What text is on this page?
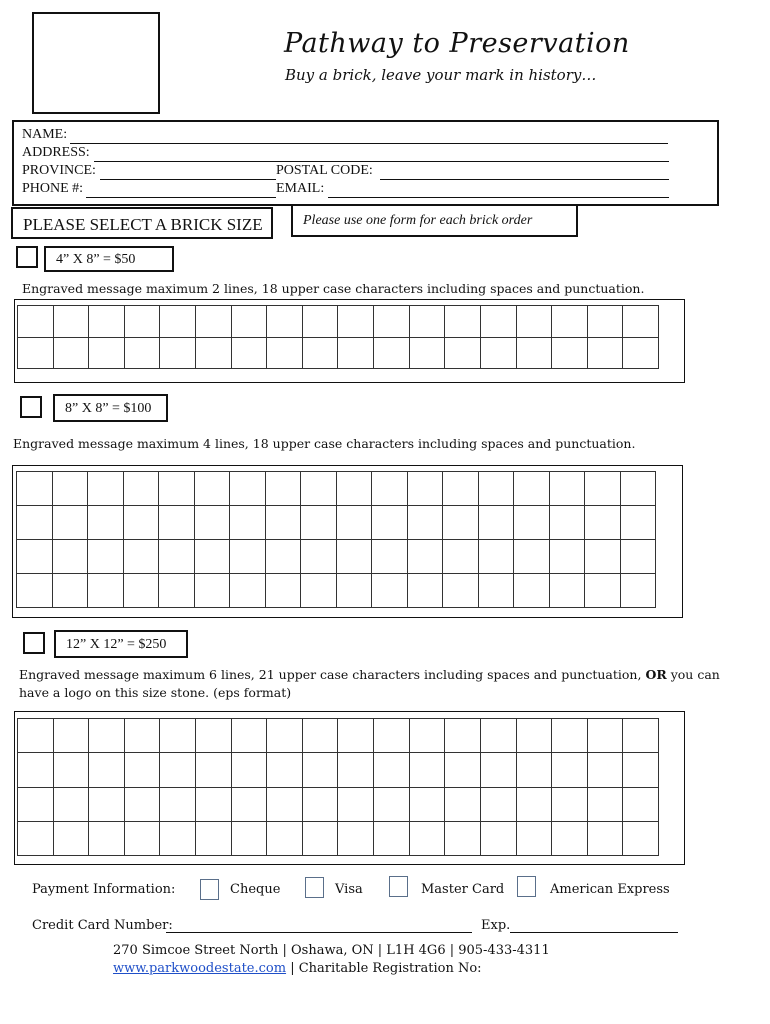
Pathway to Preservation
Buy a brick, leave your mark in history…
NAME:
ADDRESS:
PROVINCE:	POSTAL CODE:
PHONE #:	EMAIL:
PLEASE SELECT A BRICK SIZE	Please use one form for each brick order
4” X 8” = $50
Engraved message maximum 2 lines, 18 upper case characters including spaces and punctuation.

8” X 8” = $100
Engraved message maximum 4 lines, 18 upper case characters including spaces and punctuation.

12” X 12” = $250
Engraved message maximum 6 lines, 21 upper case characters including spaces and punctuation, OR you can
have a logo on this size stone. (eps format)

Payment Information:	Cheque	Visa	Master Card	American Express
Credit Card Number:	Exp.
270 Simcoe Street North | Oshawa, ON | L1H 4G6 | 905-433-4311
www.parkwoodestate.com | Charitable Registration No:
